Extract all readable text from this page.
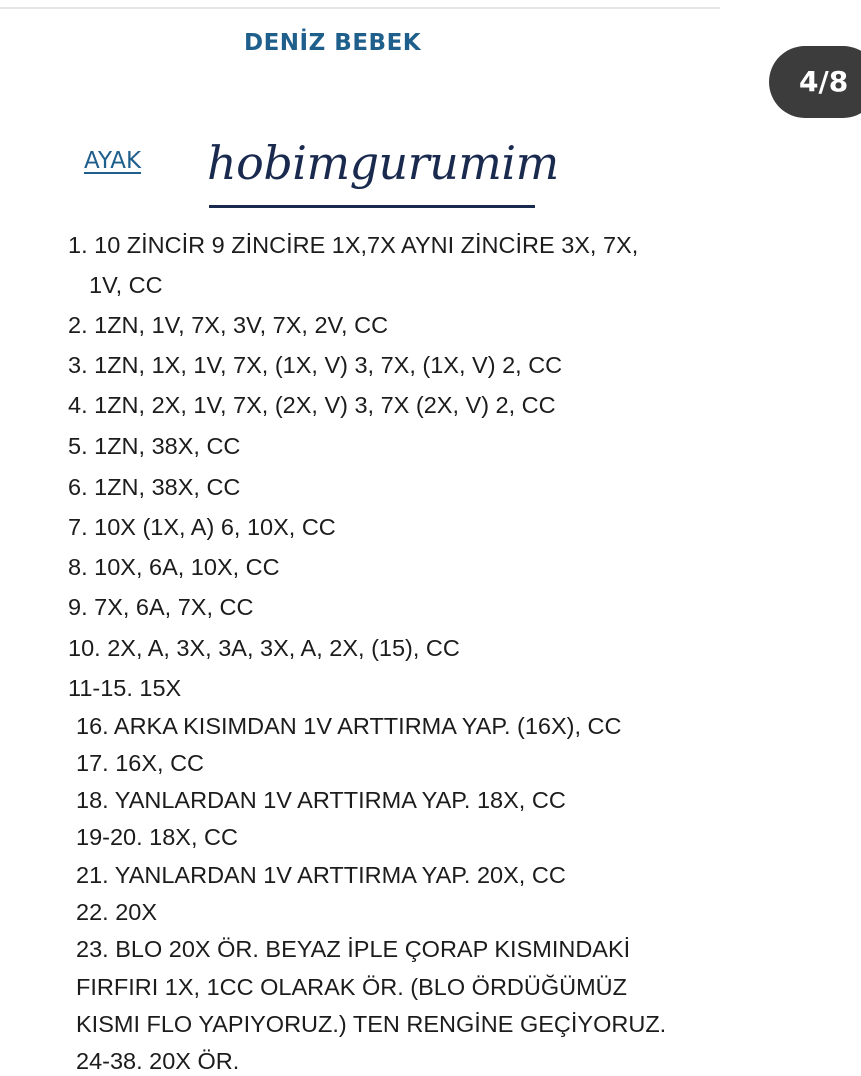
DENİZ BEBEK
4/8
AYAK hobimgurumim
1. 10 ZİNCİR 9 ZİNCİRE 1X,7X AYNI ZİNCİRE 3X, 7X,
1V, CC
2. 1ZN, 1V, 7X, 3V, 7X, 2V, CC
3. 1ZN, 1X, 1V, 7X, (1X, V) 3, 7X, (1X, V) 2, CC
4. 1ZN, 2X, 1V, 7X, (2X, V) 3, 7X (2X, V) 2, CC
5. 1ZN, 38X, CC
6. 1ZN, 38X, CC
7. 10X (1X, A) 6, 10X, CC
8. 10X, 6A, 10X, CC
9. 7X, 6A, 7X, CC
10. 2X, A, 3X, 3A, 3X, A, 2X, (15), CC
11-15. 15X
16. ARKA KISIMDAN 1V ARTTIRMA YAP. (16X), CC
17. 16X, CC
18. YANLARDAN 1V ARTTIRMA YAP. 18X, CC
19-20. 18X, CC
21. YANLARDAN 1V ARTTIRMA YAP. 20X, CC
22. 20X
23. BLO 20X ÖR. BEYAZ İPLE ÇORAP KISMINDAKİ
FIRFIRI 1X, 1CC OLARAK ÖR. (BLO ÖRDÜĞÜMÜZ
KISMI FLO YAPIYORUZ.) TEN RENGİNE GEÇİYORUZ.
24-38. 20X ÖR.
